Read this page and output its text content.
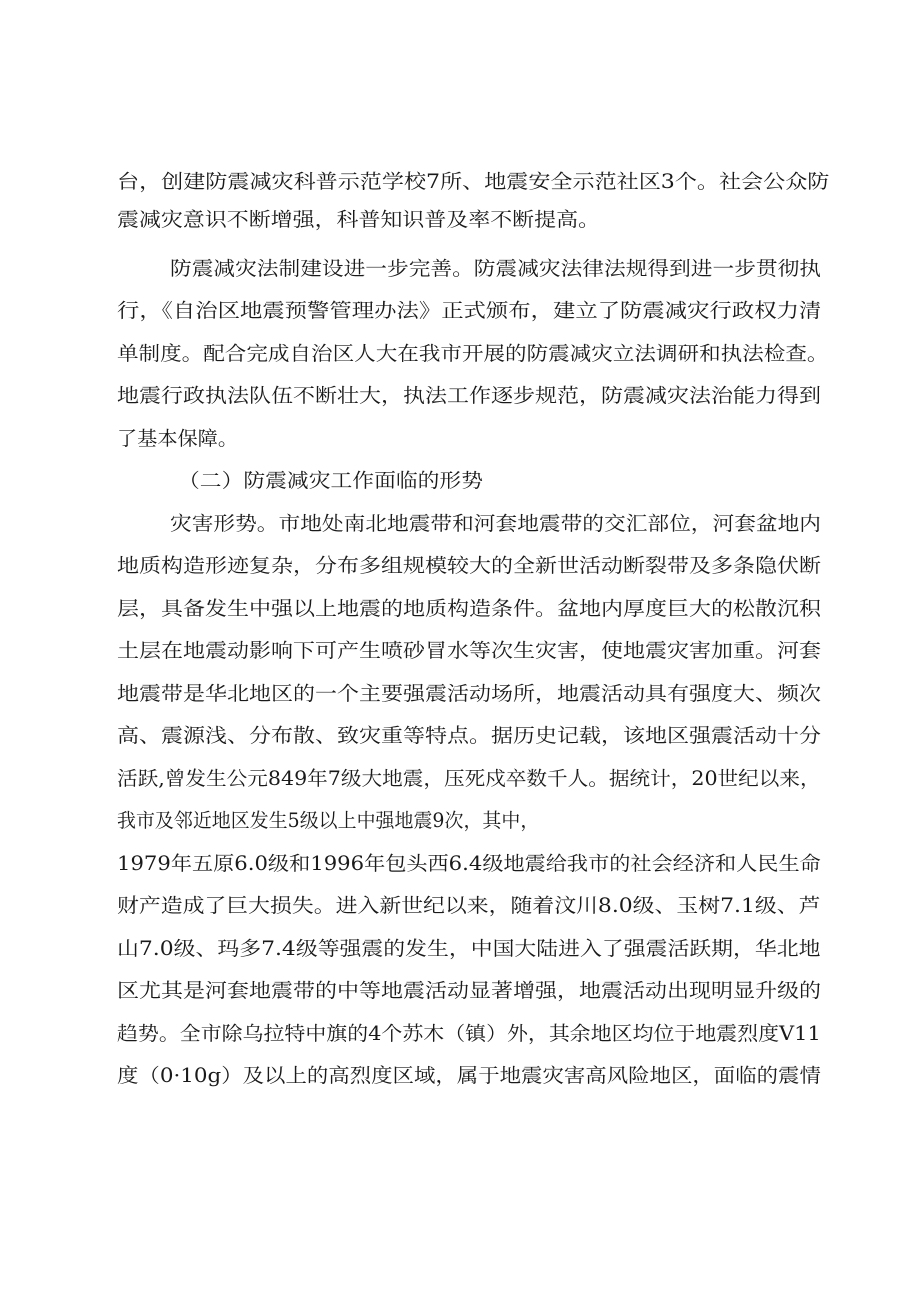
台，创建防震减灾科普示范学校7所、地震安全示范社区3个。社会公众防
震减灾意识不断增强，科普知识普及率不断提高。
防震减灾法制建设进一步完善。防震减灾法律法规得到进一步贯彻执
行，《自治区地震预警管理办法》正式颁布，建立了防震减灾行政权力清
单制度。配合完成自治区人大在我市开展的防震减灾立法调研和执法检查。
地震行政执法队伍不断壮大，执法工作逐步规范，防震减灾法治能力得到
了基本保障。
（二）防震减灾工作面临的形势
灾害形势。市地处南北地震带和河套地震带的交汇部位，河套盆地内
地质构造形迹复杂，分布多组规模较大的全新世活动断裂带及多条隐伏断
层，具备发生中强以上地震的地质构造条件。盆地内厚度巨大的松散沉积
土层在地震动影响下可产生喷砂冒水等次生灾害，使地震灾害加重。河套
地震带是华北地区的一个主要强震活动场所，地震活动具有强度大、频次
高、震源浅、分布散、致灾重等特点。据历史记载，该地区强震活动十分
活跃,曾发生公元849年7级大地震，压死戍卒数千人。据统计，20世纪以来，
我市及邻近地区发生5级以上中强地震9次，其中，
1979年五原6.0级和1996年包头西6.4级地震给我市的社会经济和人民生命
财产造成了巨大损失。进入新世纪以来，随着汶川8.0级、玉树7.1级、芦
山7.0级、玛多7.4级等强震的发生，中国大陆进入了强震活跃期，华北地
区尤其是河套地震带的中等地震活动显著增强，地震活动出现明显升级的
趋势。全市除乌拉特中旗的4个苏木（镇）外，其余地区均位于地震烈度V11
度（0·10g）及以上的高烈度区域，属于地震灾害高风险地区，面临的震情
